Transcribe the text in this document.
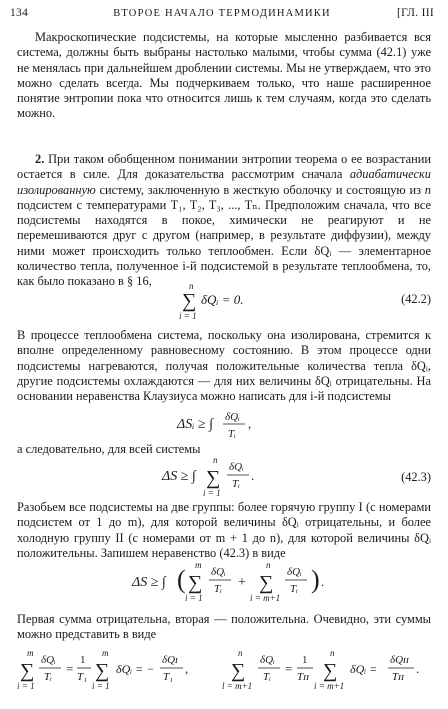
134	ВТОРОЕ НАЧАЛО ТЕРМОДИНАМИКИ	[ГЛ. III

Макроскопические подсистемы, на которые мысленно разбивается вся система, должны быть выбраны настолько малыми, чтобы сумма (42.1) уже не менялась при дальнейшем дроблении системы. Мы не утверждаем, что это можно сделать всегда. Мы подчеркиваем только, что наше расширенное понятие энтропии пока что относится лишь к тем случаям, когда это сделать можно.

2. При таком обобщенном понимании энтропии теорема о ее возрастании остается в силе. Для доказательства рассмотрим сначала адиабатически изолированную систему, заключенную в жесткую оболочку и состоящую из n подсистем с температурами T₁, T₂, T₃, ..., Tₙ. Предположим сначала, что все подсистемы находятся в покое, химически не реагируют и не перемешиваются друг с другом (например, в результате диффузии), между ними может происходить только теплообмен. Если δQᵢ — элементарное количество тепла, полученное i-й подсистемой в результате теплообмена, то, как было показано в § 16,	n
∑
i = 1
δQᵢ = 0.	(42.2)

В процессе теплообмена система, поскольку она изолирована, стремится к вполне определенному равновесному состоянию. В этом процессе одни подсистемы нагреваются, получая положительные количества тепла δQᵢ, другие подсистемы охлаждаются — для них величины δQᵢ отрицательны. На основании неравенства Клаузиуса можно написать для i-й подсистемы

ΔSᵢ ≥ ∫ δQᵢ
Tᵢ
,

а следовательно, для всей системы

ΔS ≥ ∫
n
∑
i = 1
δQᵢ
Tᵢ
.	(42.3)

Разобьем все подсистемы на две группы: более горячую группу I (с номерами подсистем от 1 до m), для которой величины δQᵢ отрицательны, и более холодную группу II (с номерами от m + 1 до n), для которой величины δQᵢ положительны. Запишем неравенство (42.3) в виде

ΔS ≥ ∫ ( m
∑
i = 1
δQᵢ
Tᵢ +
n
∑
i = m+1
δQᵢ
Tᵢ ) .

Первая сумма отрицательна, вторая — положительна. Очевидно, эти суммы можно представить в виде

m
∑
i = 1
δQᵢ
Tᵢ
=
1
T₁
m
∑
i = 1
δQᵢ = −
δQɪ
T₁
,
n
∑
l = m+1
δQᵢ
Tᵢ
=
1
Tɪɪ
n
∑
i = m+1
δQᵢ =
δQɪɪ
Tɪɪ
.
